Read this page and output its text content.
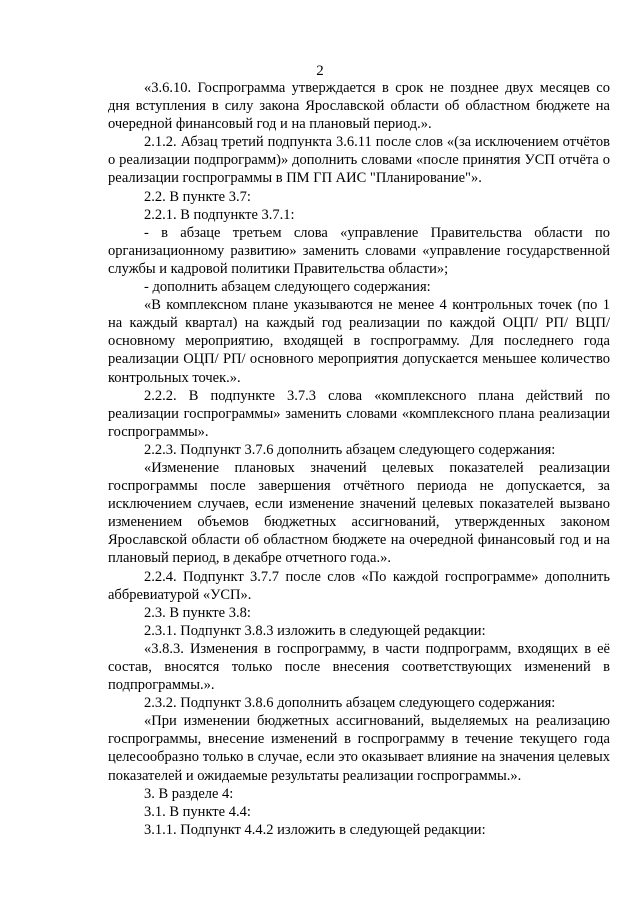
2

«3.6.10. Госпрограмма утверждается в срок не позднее двух месяцев со дня вступления в силу закона Ярославской области об областном бюджете на очередной финансовый год и на плановый период.».

2.1.2. Абзац третий подпункта 3.6.11 после слов «(за исключением отчётов о реализации подпрограмм)» дополнить словами «после принятия УСП отчёта о реализации госпрограммы в ПМ ГП АИС "Планирование"».

2.2. В пункте 3.7:

2.2.1. В подпункте 3.7.1:

- в абзаце третьем слова «управление Правительства области по организационному развитию» заменить словами «управление государственной службы и кадровой политики Правительства области»;

- дополнить абзацем следующего содержания:

«В комплексном плане указываются не менее 4 контрольных точек (по 1 на каждый квартал) на каждый год реализации по каждой ОЦП/ РП/ ВЦП/ основному мероприятию, входящей в госпрограмму. Для последнего года реализации ОЦП/ РП/ основного мероприятия допускается меньшее количество контрольных точек.».

2.2.2. В подпункте 3.7.3 слова «комплексного плана действий по реализации госпрограммы» заменить словами «комплексного плана реализации госпрограммы».

2.2.3. Подпункт 3.7.6 дополнить абзацем следующего содержания:

«Изменение плановых значений целевых показателей реализации госпрограммы после завершения отчётного периода не допускается, за исключением случаев, если изменение значений целевых показателей вызвано изменением объемов бюджетных ассигнований, утвержденных законом Ярославской области об областном бюджете на очередной финансовый год и на плановый период, в декабре отчетного года.».

2.2.4. Подпункт 3.7.7 после слов «По каждой госпрограмме» дополнить аббревиатурой «УСП».

2.3. В пункте 3.8:

2.3.1. Подпункт 3.8.3 изложить в следующей редакции:

«3.8.3. Изменения в госпрограмму, в части подпрограмм, входящих в её состав, вносятся только после внесения соответствующих изменений в подпрограммы.».

2.3.2. Подпункт 3.8.6 дополнить абзацем следующего содержания:

«При изменении бюджетных ассигнований, выделяемых на реализацию госпрограммы, внесение изменений в госпрограмму в течение текущего года целесообразно только в случае, если это оказывает влияние на значения целевых показателей и ожидаемые результаты реализации госпрограммы.».

3. В разделе 4:

3.1. В пункте 4.4:

3.1.1. Подпункт 4.4.2 изложить в следующей редакции:
